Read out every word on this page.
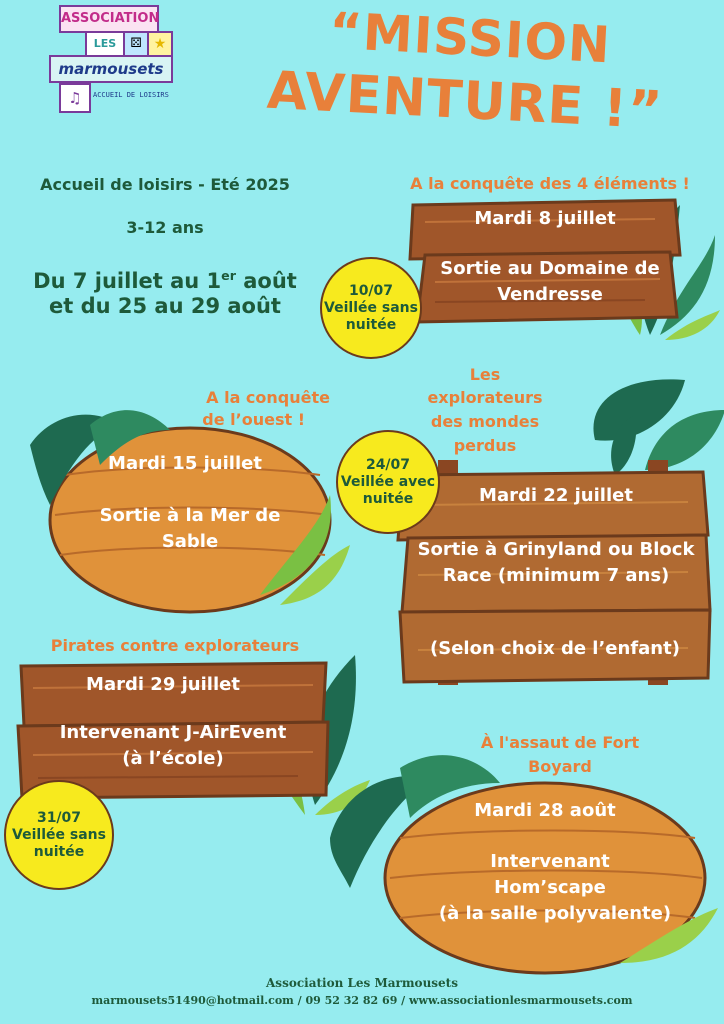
ASSOCIATION
LES	⚄ ★
marmousets
♫	ACCUEIL DE LOISIRS
“MISSION
AVENTURE !”
Accueil de loisirs - Eté 2025
3-12 ans
Du 7 juillet au 1er août
et du 25 au 29 août
A la conquête des 4 éléments !
Mardi 8 juillet
Sortie au Domaine de Vendresse
10/07
Veillée sans
nuitée
A la conquête
de l’ouest !
Mardi 15 juillet
Sortie à la Mer de Sable
Les
explorateurs
des mondes
perdus
Mardi 22 juillet
Sortie à Grinyland ou Block Race (minimum 7 ans)
(Selon choix de l’enfant)
24/07
Veillée avec
nuitée
Pirates contre explorateurs
Mardi 29 juillet
Intervenant J-AirEvent
(à l’école)
31/07
Veillée sans
nuitée
À l'assaut de Fort
Boyard
Mardi 28 août
Intervenant
Hom’scape
(à la salle polyvalente)
Association Les Marmousets
marmousets51490@hotmail.com / 09 52 32 82 69 / www.associationlesmarmousets.com
